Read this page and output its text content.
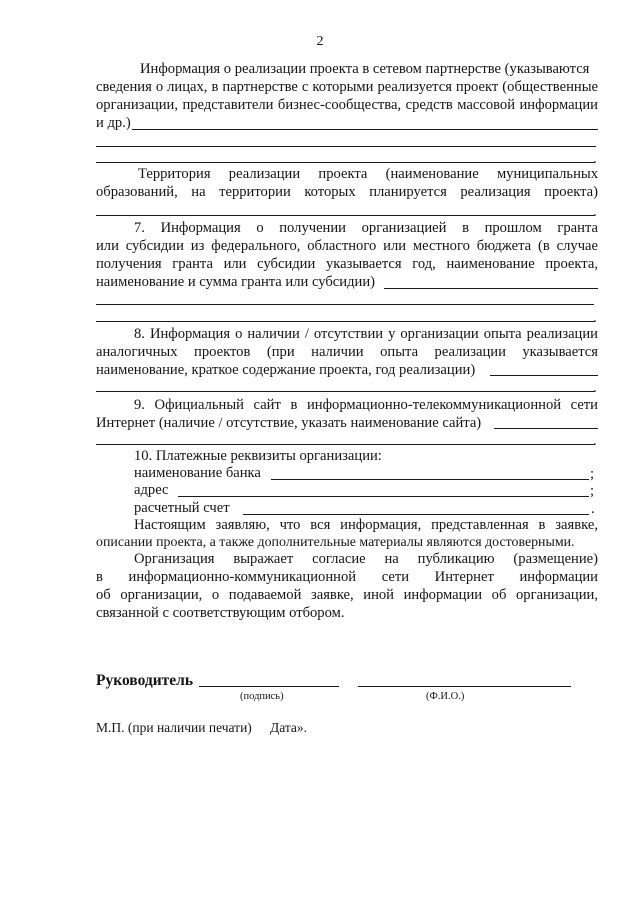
2
Информация о реализации проекта в сетевом партнерстве (указываются
сведения о лицах, в партнерстве с которыми реализуется проект (общественные
организации, представители бизнес-сообщества, средств массовой информации
и др.)
.
Территория реализации проекта (наименование муниципальных
образований, на территории которых планируется реализация проекта)
.
7. Информация о получении организацией в прошлом гранта
или субсидии из федерального, областного или местного бюджета (в случае
получения гранта или субсидии указывается год, наименование проекта,
наименование и сумма гранта или субсидии)
.
8. Информация о наличии / отсутствии у организации опыта реализации
аналогичных проектов (при наличии опыта реализации указывается
наименование, краткое содержание проекта, год реализации)
.
9. Официальный сайт в информационно-телекоммуникационной сети
Интернет (наличие / отсутствие, указать наименование сайта)
.
10. Платежные реквизиты организации:
наименование банка	;
адрес	;
расчетный счет	.
Настоящим заявляю, что вся информация, представленная в заявке,
описании проекта, а также дополнительные материалы являются достоверными.
Организация выражает согласие на публикацию (размещение)
в информационно-коммуникационной сети Интернет информации
об организации, о подаваемой заявке, иной информации об организации,
связанной с соответствующим отбором.
Руководитель
(подпись)	(Ф.И.О.)
М.П. (при наличии печати) Дата».
